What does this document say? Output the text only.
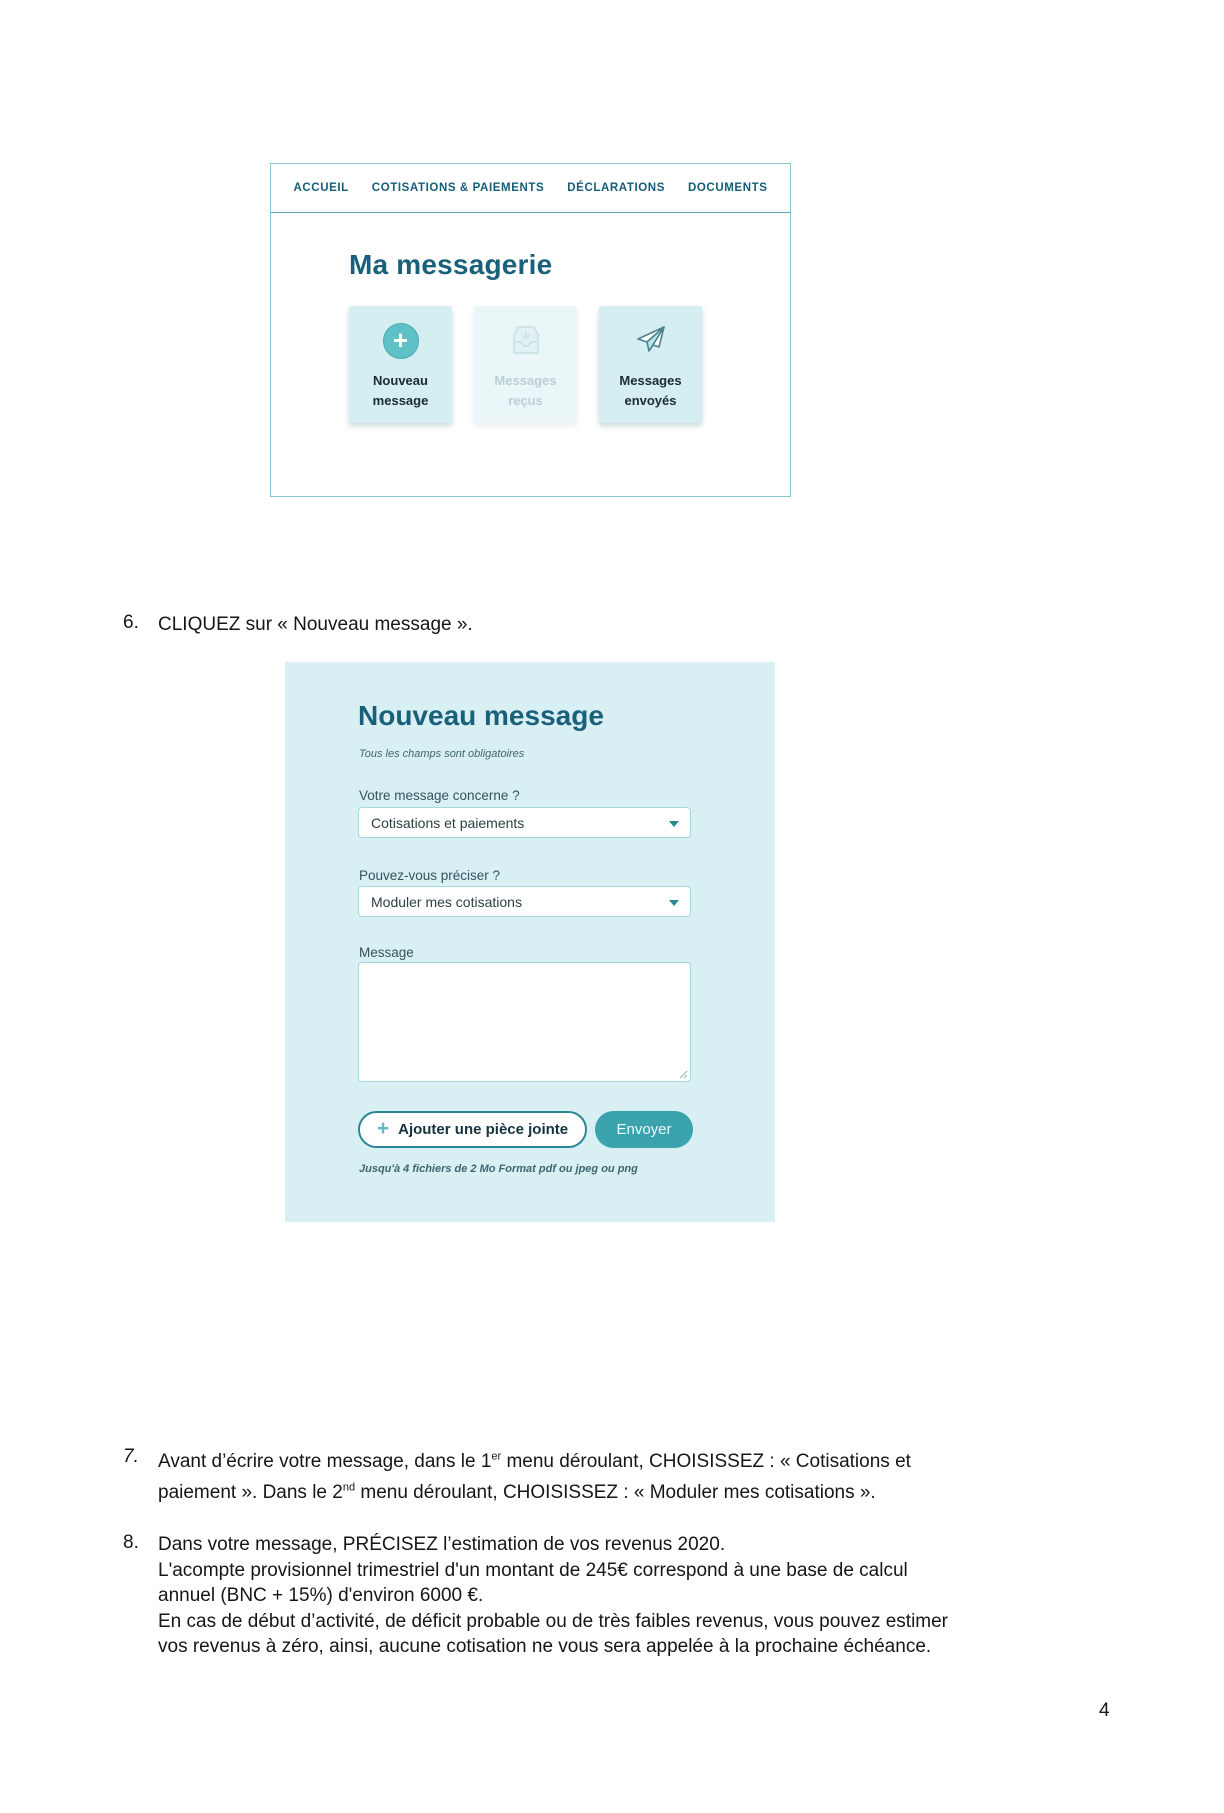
ACCUEIL COTISATIONS & PAIEMENTS DÉCLARATIONS DOCUMENTS
Ma messagerie
+
Nouveau
message
Messages
reçus
Messages
envoyés
6.	CLIQUEZ sur « Nouveau message ».
Nouveau message
Tous les champs sont obligatoires
Votre message concerne ?
Cotisations et paiements
Pouvez-vous préciser ?
Moduler mes cotisations
Message
+ Ajouter une pièce jointe	Envoyer
Jusqu'à 4 fichiers de 2 Mo Format pdf ou jpeg ou png
7.	Avant d’écrire votre message, dans le 1er menu déroulant, CHOISISSEZ : « Cotisations et
paiement ». Dans le 2nd menu déroulant, CHOISISSEZ : « Moduler mes cotisations ».
8.	Dans votre message, PRÉCISEZ l’estimation de vos revenus 2020.
L'acompte provisionnel trimestriel d'un montant de 245€ correspond à une base de calcul
annuel (BNC + 15%) d'environ 6000 €.
En cas de début d’activité, de déficit probable ou de très faibles revenus, vous pouvez estimer
vos revenus à zéro, ainsi, aucune cotisation ne vous sera appelée à la prochaine échéance.
4
